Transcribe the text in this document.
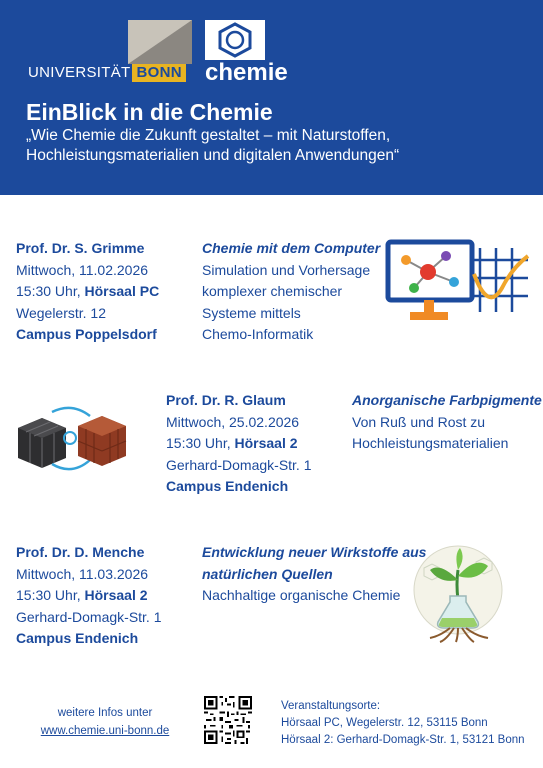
UNIVERSITÄT BONN chemie
EinBlick in die Chemie
„Wie Chemie die Zukunft gestaltet – mit Naturstoffen, Hochleistungsmaterialien und digitalen Anwendungen“
Prof. Dr. S. Grimme
Mittwoch, 11.02.2026
15:30 Uhr, Hörsaal PC
Wegelerstr. 12
Campus Poppelsdorf
Chemie mit dem Computer
Simulation und Vorhersage
komplexer chemischer
Systeme mittels
Chemo-Informatik
Prof. Dr. R. Glaum
Mittwoch, 25.02.2026
15:30 Uhr, Hörsaal 2
Gerhard-Domagk-Str. 1
Campus Endenich
Anorganische Farbpigmente
Von Ruß und Rost zu
Hochleistungsmaterialien
Prof. Dr. D. Menche
Mittwoch, 11.03.2026
15:30 Uhr, Hörsaal 2
Gerhard-Domagk-Str. 1
Campus Endenich
Entwicklung neuer Wirkstoffe aus
natürlichen Quellen
Nachhaltige organische Chemie
weitere Infos unter
www.chemie.uni-bonn.de
Veranstaltungsorte:
Hörsaal PC, Wegelerstr. 12, 53115 Bonn
Hörsaal 2: Gerhard-Domagk-Str. 1, 53121 Bonn
